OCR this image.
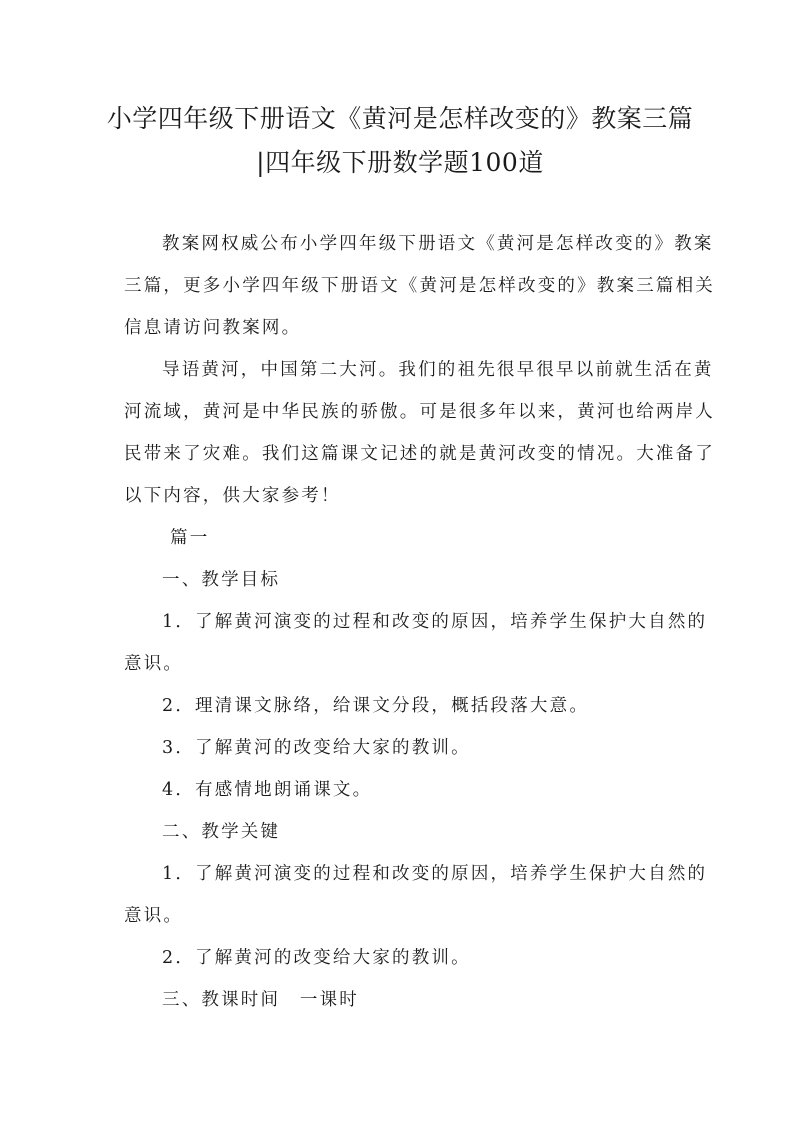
小学四年级下册语文《黄河是怎样改变的》教案三篇
|四年级下册数学题100道
教案网权威公布小学四年级下册语文《黄河是怎样改变的》教案
三篇，更多小学四年级下册语文《黄河是怎样改变的》教案三篇相关
信息请访问教案网。
导语黄河，中国第二大河。我们的祖先很早很早以前就生活在黄
河流域，黄河是中华民族的骄傲。可是很多年以来，黄河也给两岸人
民带来了灾难。我们这篇课文记述的就是黄河改变的情况。大准备了
以下内容，供大家参考！
篇一
一、教学目标
1．了解黄河演变的过程和改变的原因，培养学生保护大自然的
意识。
2．理清课文脉络，给课文分段，概括段落大意。
3．了解黄河的改变给大家的教训。
4．有感情地朗诵课文。
二、教学关键
1．了解黄河演变的过程和改变的原因，培养学生保护大自然的
意识。
2．了解黄河的改变给大家的教训。
三、教课时间　一课时
